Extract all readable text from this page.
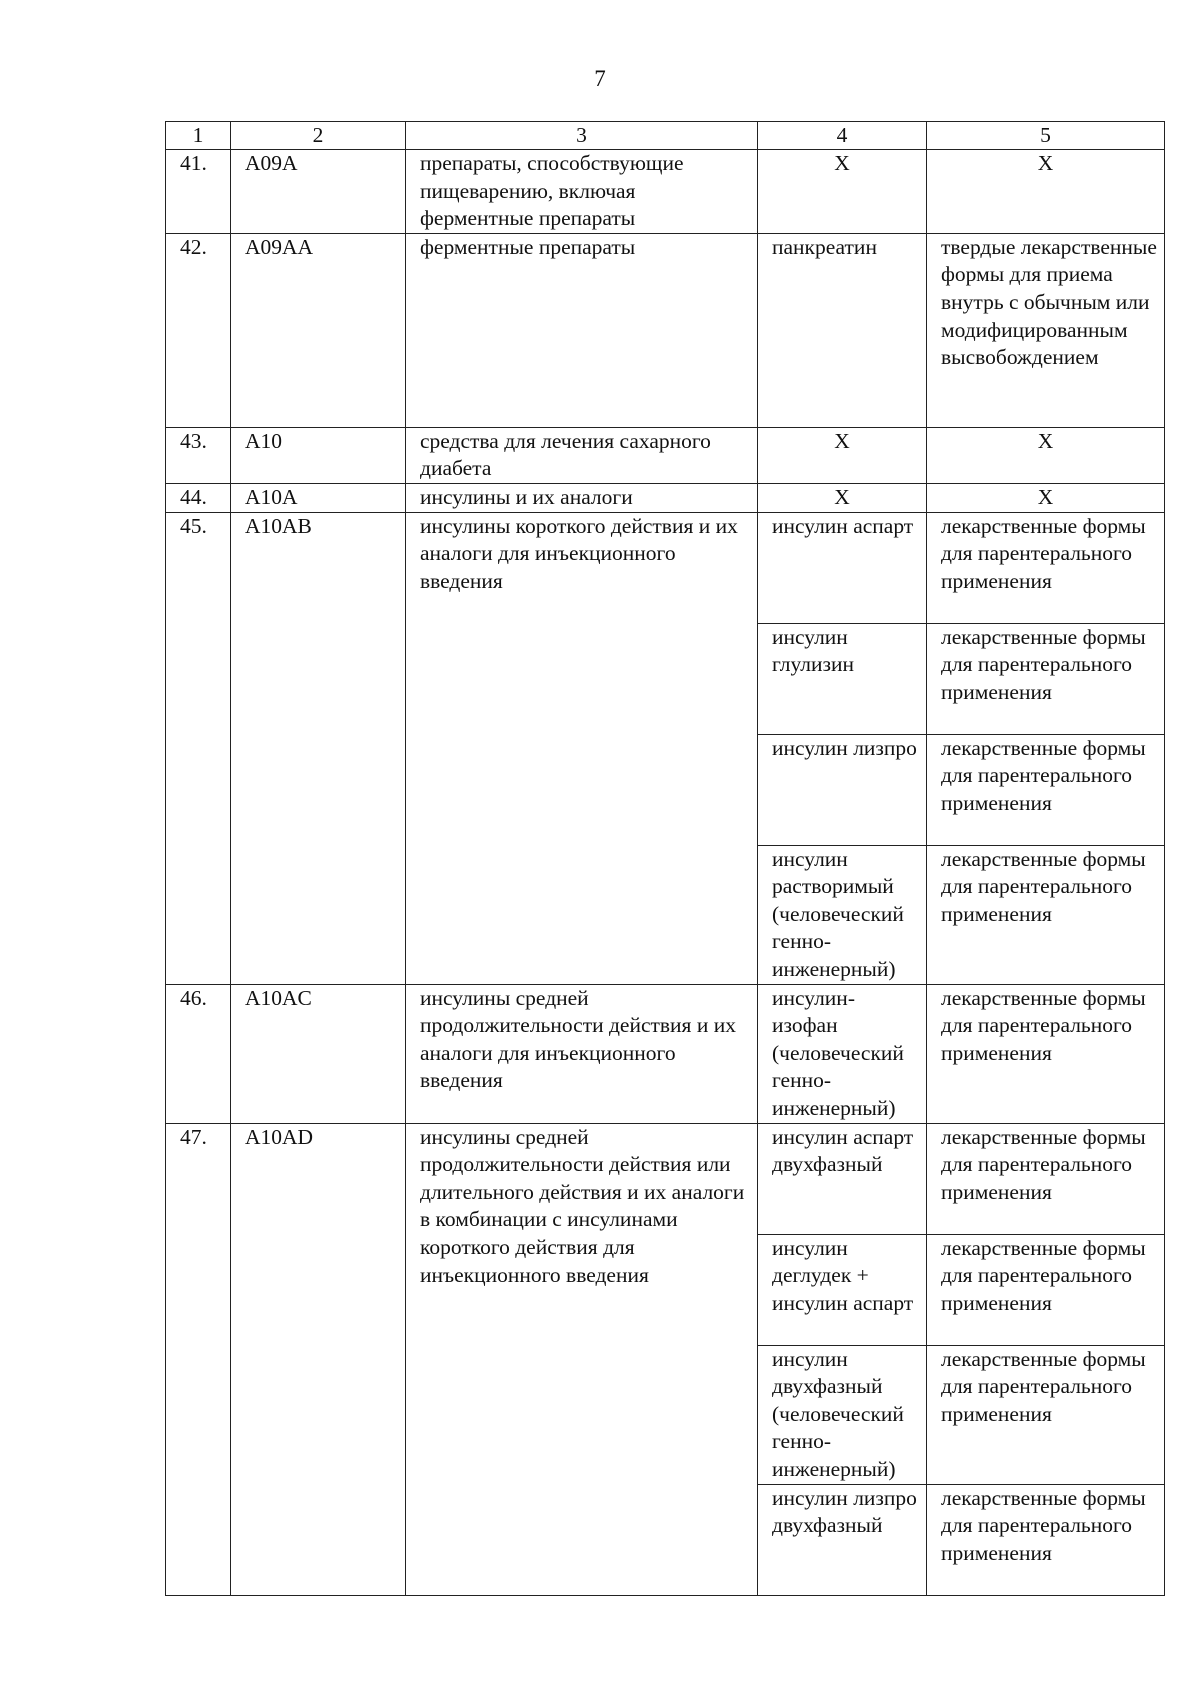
7
1	2	3	4	5
41.	A09A	препараты, способствующие пищеварению, включая ферментные препараты	X	X
42.	A09AA	ферментные препараты	панкреатин	твердые лекарственные формы для приема внутрь с обычным или модифицированным высвобождением
43.	A10	средства для лечения сахарного диабета	X	X
44.	A10A	инсулины и их аналоги	X	X
45.	A10AB	инсулины короткого действия и их аналоги для инъекционного введения	инсулин аспарт	лекарственные формы для парентерального применения
			инсулин глулизин	лекарственные формы для парентерального применения
			инсулин лизпро	лекарственные формы для парентерального применения
			инсулин растворимый (человеческий генно-инженерный)	лекарственные формы для парентерального применения
46.	A10AC	инсулины средней продолжительности действия и их аналоги для инъекционного введения	инсулин-изофан (человеческий генно-инженерный)	лекарственные формы для парентерального применения
47.	A10AD	инсулины средней продолжительности действия или длительного действия и их аналоги в комбинации с инсулинами короткого действия для инъекционного введения	инсулин аспарт двухфазный	лекарственные формы для парентерального применения
			инсулин деглудек + инсулин аспарт	лекарственные формы для парентерального применения
			инсулин двухфазный (человеческий генно-инженерный)	лекарственные формы для парентерального применения
			инсулин лизпро двухфазный	лекарственные формы для парентерального применения
